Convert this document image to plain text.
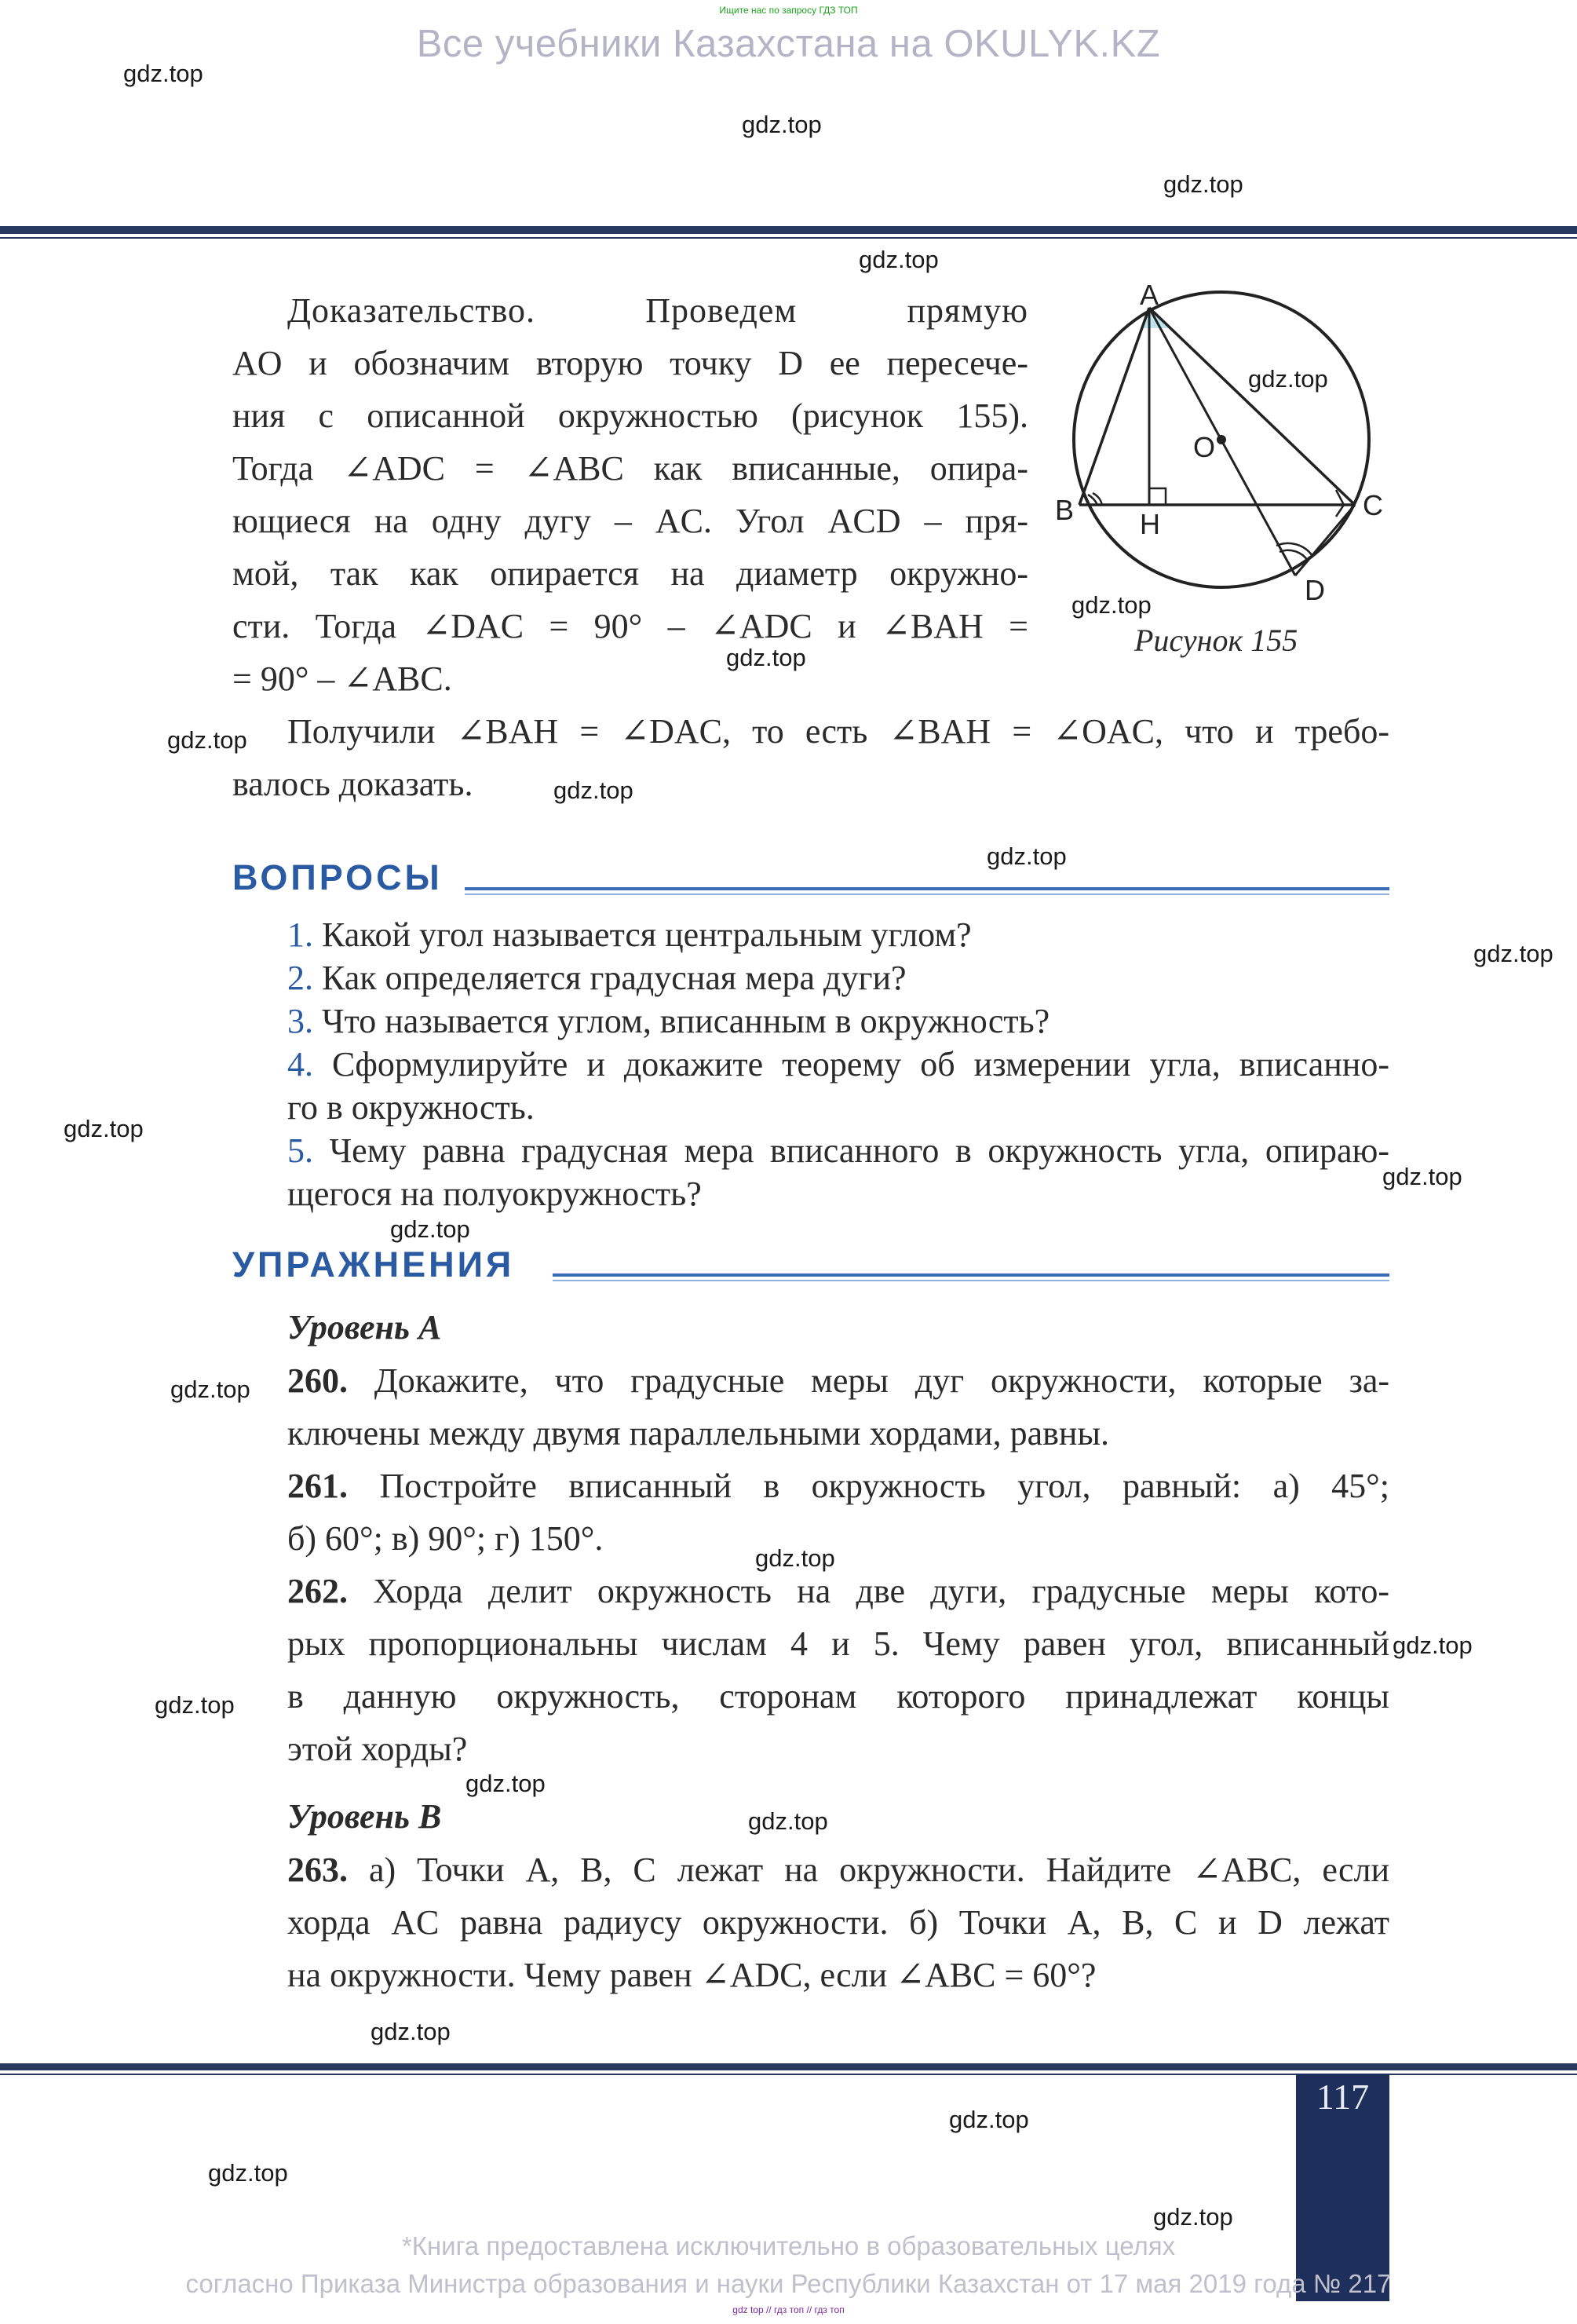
Ищите нас по запросу ГДЗ ТОП
Все учебники Казахстана на OKULYK.KZ
Доказательство. Проведем прямую
AO и обозначим вторую точку D ее пересече-
ния с описанной окружностью (рисунок 155).
Тогда ∠ADC = ∠ABC как вписанные, опира-
ющиеся на одну дугу – AC. Угол ACD – пря-
мой, так как опирается на диаметр окружно-
сти. Тогда ∠DAC = 90° – ∠ADC и ∠BAH =
= 90° – ∠ABC.
Получили ∠BAH = ∠DAC, то есть ∠BAH = ∠OAC, что и требо-
валось доказать.
A
B	C
D
H
O
Рисунок 155
ВОПРОСЫ
1. Какой угол называется центральным углом?
2. Как определяется градусная мера дуги?
3. Что называется углом, вписанным в окружность?
4. Сформулируйте и докажите теорему об измерении угла, вписанно-
го в окружность.
5. Чему равна градусная мера вписанного в окружность угла, опираю-
щегося на полуокружность?
УПРАЖНЕНИЯ
Уровень А
260. Докажите, что градусные меры дуг окружности, которые за-
ключены между двумя параллельными хордами, равны.
261. Постройте вписанный в окружность угол, равный: а) 45°;
б) 60°; в) 90°; г) 150°.
262. Хорда делит окружность на две дуги, градусные меры кото-
рых пропорциональны числам 4 и 5. Чему равен угол, вписанный
в данную окружность, сторонам которого принадлежат концы
этой хорды?
Уровень В
263. а) Точки A, B, C лежат на окружности. Найдите ∠ABC, если
хорда AC равна радиусу окружности. б) Точки A, B, C и D лежат
на окружности. Чему равен ∠ADC, если ∠ABC = 60°?
117
*Книга предоставлена исключительно в образовательных целях
согласно Приказа Министра образования и науки Республики Казахстан от 17 мая 2019 года № 217
gdz top // гдз топ // гдз топ
gdz.top
gdz.top
gdz.top
gdz.top
gdz.top
gdz.top
gdz.top
gdz.top
gdz.top
gdz.top
gdz.top
gdz.top
gdz.top
gdz.top
gdz.top
gdz.top
gdz.top
gdz.top
gdz.top
gdz.top
gdz.top
gdz.top
gdz.top
gdz.top
